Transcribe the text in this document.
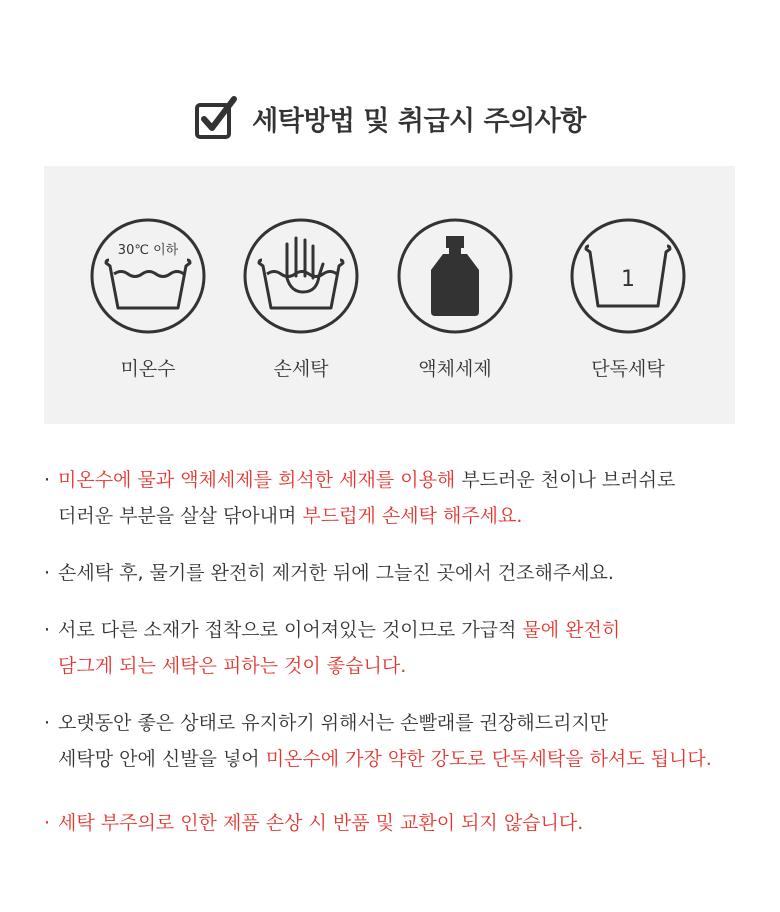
세탁방법 및 취급시 주의사항
30℃ 이하
미온수	손세탁	액체세제
1
단독세탁
· 미온수에 물과 액체세제를 희석한 세재를 이용해 부드러운 천이나 브러쉬로
더러운 부분을 살살 닦아내며 부드럽게 손세탁 해주세요.
· 손세탁 후, 물기를 완전히 제거한 뒤에 그늘진 곳에서 건조해주세요.
· 서로 다른 소재가 접착으로 이어져있는 것이므로 가급적 물에 완전히
담그게 되는 세탁은 피하는 것이 좋습니다.
· 오랫동안 좋은 상태로 유지하기 위해서는 손빨래를 권장해드리지만
세탁망 안에 신발을 넣어 미온수에 가장 약한 강도로 단독세탁을 하셔도 됩니다.
· 세탁 부주의로 인한 제품 손상 시 반품 및 교환이 되지 않습니다.
